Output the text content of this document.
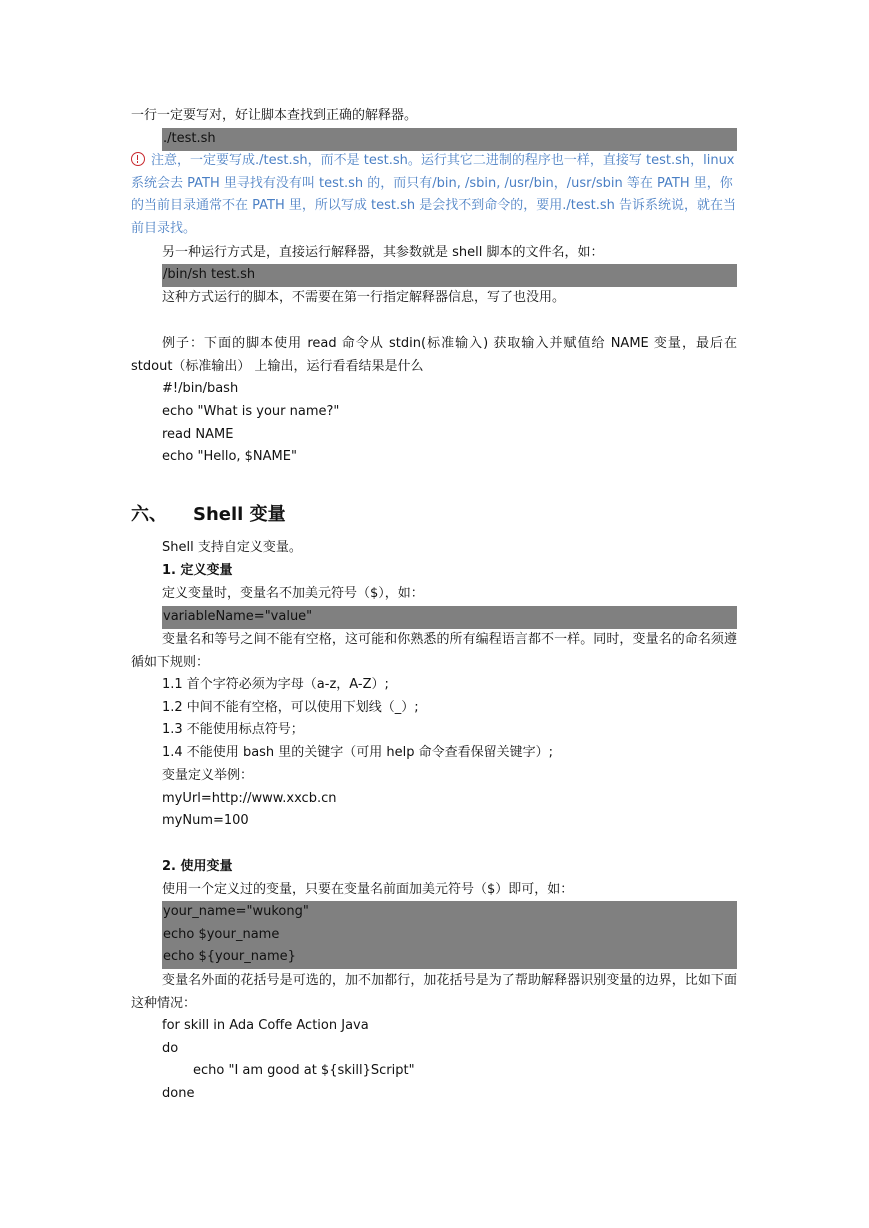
一行一定要写对，好让脚本查找到正确的解释器。
./test.sh
注意，一定要写成./test.sh，而不是 test.sh。运行其它二进制的程序也一样，直接写 test.sh，linux 系统会去 PATH 里寻找有没有叫 test.sh 的，而只有/bin, /sbin, /usr/bin，/usr/sbin 等在 PATH 里，你的当前目录通常不在 PATH 里，所以写成 test.sh 是会找不到命令的，要用./test.sh 告诉系统说，就在当前目录找。
另一种运行方式是，直接运行解释器，其参数就是 shell 脚本的文件名，如：
/bin/sh test.sh
这种方式运行的脚本，不需要在第一行指定解释器信息，写了也没用。
例子：下面的脚本使用 read 命令从 stdin(标准输入) 获取输入并赋值给 NAME 变量，最后在 stdout（标准输出） 上输出，运行看看结果是什么
#!/bin/bash
echo "What is your name?"
read NAME
echo "Hello, $NAME"
六、 Shell 变量
Shell 支持自定义变量。
1. 定义变量
定义变量时，变量名不加美元符号（$），如：
variableName="value"
变量名和等号之间不能有空格，这可能和你熟悉的所有编程语言都不一样。同时，变量名的命名须遵循如下规则：
1.1 首个字符必须为字母（a-z，A-Z）;
1.2 中间不能有空格，可以使用下划线（_）;
1.3 不能使用标点符号；
1.4 不能使用 bash 里的关键字（可用 help 命令查看保留关键字）;
变量定义举例：
myUrl=http://www.xxcb.cn
myNum=100
2. 使用变量
使用一个定义过的变量，只要在变量名前面加美元符号（$）即可，如：
your_name="wukong"
echo $your_name
echo ${your_name}
变量名外面的花括号是可选的，加不加都行，加花括号是为了帮助解释器识别变量的边界，比如下面这种情况：
for skill in Ada Coffe Action Java
do
echo "I am good at ${skill}Script"
done
